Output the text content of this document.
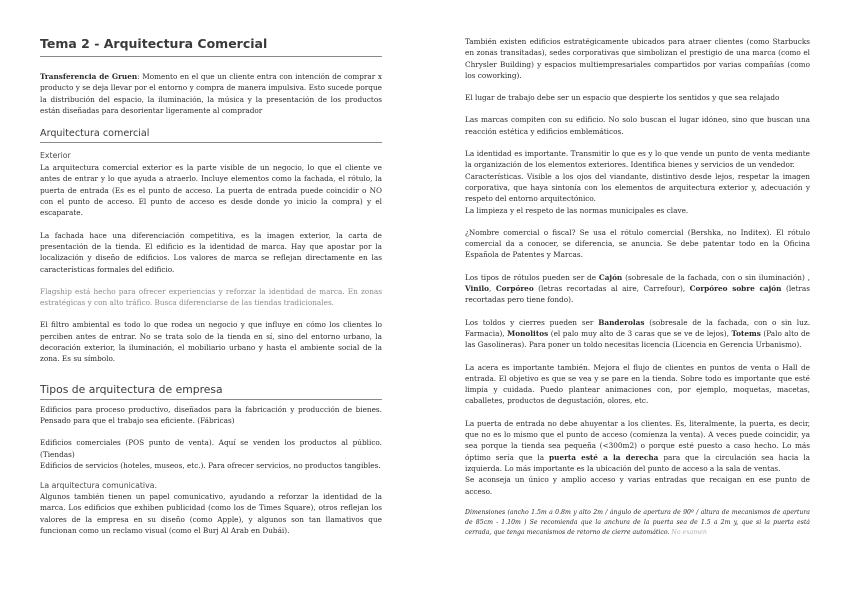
Tema 2 - Arquitectura Comercial

Transferencia de Gruen: Momento en el que un cliente entra con intención de comprar x producto y se deja llevar por el entorno y compra de manera impulsiva. Esto sucede porque la distribución del espacio, la iluminación, la música y la presentación de los productos están diseñadas para desorientar ligeramente al comprador

Arquitectura comercial
Exterior

La arquitectura comercial exterior es la parte visible de un negocio, lo que el cliente ve antes de entrar y lo que ayuda a atraerlo. Incluye elementos como la fachada, el rótulo, la puerta de entrada (Es es el punto de acceso. La puerta de entrada puede coincidir o NO con el punto de acceso. El punto de acceso es desde donde yo inicio la compra) y el escaparate.

La fachada hace una diferenciación competitiva, es la imagen exterior, la carta de presentación de la tienda. El edificio es la identidad de marca. Hay que apostar por la localización y diseño de edificios. Los valores de marca se reflejan directamente en las características formales del edificio.

Flagship está hecho para ofrecer experiencias y reforzar la identidad de marca. En zonas estratégicas y con alto tráfico. Busca diferenciarse de las tiendas tradicionales.

El filtro ambiental es todo lo que rodea un negocio y que influye en cómo los clientes lo perciben antes de entrar. No se trata solo de la tienda en sí, sino del entorno urbano, la decoración exterior, la iluminación, el mobiliario urbano y hasta el ambiente social de la zona. Es su símbolo.

Tipos de arquitectura de empresa

Edificios para proceso productivo, diseñados para la fabricación y producción de bienes. Pensado para que el trabajo sea eficiente. (Fábricas)

Edificios comerciales (POS punto de venta). Aquí se venden los productos al público. (Tiendas)

Edificios de servicios (hoteles, museos, etc.). Para ofrecer servicios, no productos tangibles.

La arquitectura comunicativa.

Algunos también tienen un papel comunicativo, ayudando a reforzar la identidad de la marca. Los edificios que exhiben publicidad (como los de Times Square), otros reflejan los valores de la empresa en su diseño (como Apple), y algunos son tan llamativos que funcionan como un reclamo visual (como el Burj Al Arab en Dubái).

También existen edificios estratégicamente ubicados para atraer clientes (como Starbucks en zonas transitadas), sedes corporativas que simbolizan el prestigio de una marca (como el Chrysler Building) y espacios multiempresariales compartidos por varias compañías (como los coworking).

El lugar de trabajo debe ser un espacio que despierte los sentidos y que sea relajado

Las marcas compiten con su edificio. No solo buscan el lugar idóneo, sino que buscan una reacción estética y edificios emblemáticos.

La identidad es importante. Transmitir lo que es y lo que vende un punto de venta mediante la organización de los elementos exteriores. Identifica bienes y servicios de un vendedor.

Características. Visible a los ojos del viandante, distintivo desde lejos, respetar la imagen corporativa, que haya sintonía con los elementos de arquitectura exterior y, adecuación y respeto del entorno arquitectónico.

La limpieza y el respeto de las normas municipales es clave.

¿Nombre comercial o fiscal? Se usa el rótulo comercial (Bershka, no Inditex). El rótulo comercial da a conocer, se diferencia, se anuncia. Se debe patentar todo en la Oficina Española de Patentes y Marcas.

Los tipos de rótulos pueden ser de Cajón (sobresale de la fachada, con o sin iluminación) , Vinilo, Corpóreo (letras recortadas al aire, Carrefour), Corpóreo sobre cajón (letras recortadas pero tiene fondo).

Los toldos y cierres pueden ser Banderolas (sobresale de la fachada, con o sin luz. Farmacia), Monolitos (el palo muy alto de 3 caras que se ve de lejos), Totems (Palo alto de las Gasolineras). Para poner un toldo necesitas licencia (Licencia en Gerencia Urbanismo).

La acera es importante también. Mejora el flujo de clientes en puntos de venta o Hall de entrada. El objetivo es que se vea y se pare en la tienda. Sobre todo es importante que esté limpia y cuidada. Puedo plantear animaciones con, por ejemplo, moquetas, macetas, caballetes, productos de degustación, olores, etc.

La puerta de entrada no debe ahuyentar a los clientes. Es, literalmente, la puerta, es decir, que no es lo mismo que el punto de acceso (comienza la venta). A veces puede coincidir, ya sea porque la tienda sea pequeña (<300m2) o porque esté puesto a caso hecho. Lo más óptimo sería que la puerta esté a la derecha para que la circulación sea hacia la izquierda. Lo más importante es la ubicación del punto de acceso a la sala de ventas.

Se aconseja un único y amplio acceso y varias entradas que recaigan en ese punto de acceso.

Dimensiones (ancho 1.5m a 0.8m y alto 2m / ángulo de apertura de 90º / altura de mecanismos de apertura de 85cm - 1.10m ) Se recomienda que la anchura de la puerta sea de 1.5 a 2m y, que si la puerta está cerrada, que tenga mecanismos de retorno de cierre automático. No examen
